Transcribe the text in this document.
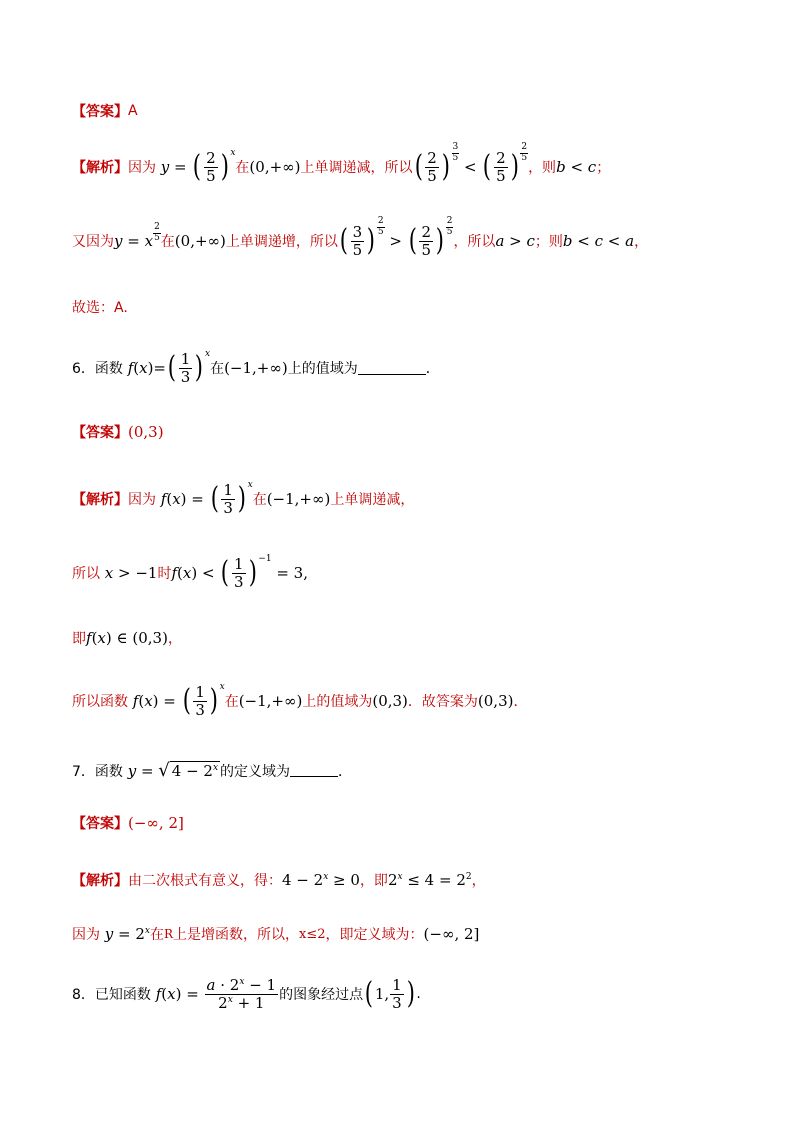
【答案】 A
【解析】 因为 y = ( $\frac{2}{5}$ ) x
在 (0,+∞) 上单调递减，所以 ( $\frac{2}{5}$ )
3
5
< ( $\frac{2}{5}$ )
2
5
，则 b < c ；
又因为 y = x
2
5 在 (0,+∞) 上单调递增，所以 ( $\frac{3}{5}$ )
2
5
> ( $\frac{2}{5}$ )
2
5
，所以 a > c ；则 b < c < a ，
故选：A.
6．函数 f ( x )= ( $\frac{1}{3}$ ) x
在 (−1,+∞) 上的值域为	．
【答案】 (0,3)
【解析】 因为 f ( x ) = ( $\frac{1}{3}$ ) x
在 (−1,+∞) 上单调递减，
所以 x > −1 时 f ( x ) < ( $\frac{1}{3}$ ) −1
= 3,
即 f ( x ) ∈ (0,3) ，
所以函数 f ( x ) = ( $\frac{1}{3}$ ) x
在 (−1,+∞) 上的值域为 (0,3) ．故答案为 (0,3) ．
7．函数 y = √ $4 - 2^x$ 的定义域为	．
【答案】 (−∞, 2]
【解析】 由二次根式有意义，得： $4 - 2^x \ge 0$ ，即 $2^x \le 4 = 2^2$ ，
因为 $y = 2^x$ 在 R 上是增函数，所以， x≤2 ，即定义域为： (−∞, 2]
8．已知函数 f ( x ) = $\frac{a \cdot 2^x - 1}{2^x + 1}$ 的图象经过点 ( 1, $\frac{1}{3}$ ) .
